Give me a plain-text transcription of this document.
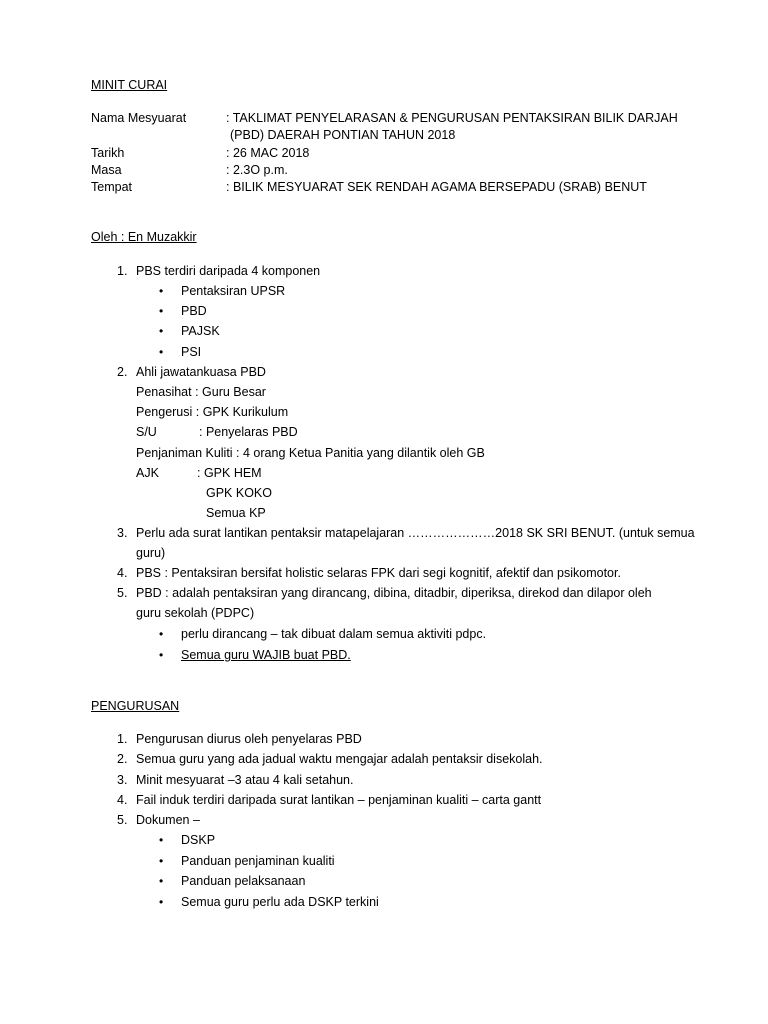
MINIT CURAI
Nama Mesyuarat	: TAKLIMAT PENYELARASAN & PENGURUSAN PENTAKSIRAN BILIK DARJAH
(PBD) DAERAH PONTIAN TAHUN 2018
Tarikh	: 26 MAC 2018
Masa	: 2.3O p.m.
Tempat	: BILIK MESYUARAT SEK RENDAH AGAMA BERSEPADU (SRAB) BENUT
Oleh : En Muzakkir
1. PBS terdiri daripada 4 komponen
• Pentaksiran UPSR
• PBD
• PAJSK
• PSI
2. Ahli jawatankuasa PBD
Penasihat : Guru Besar
Pengerusi : GPK Kurikulum
S/U	: Penyelaras PBD
Penjaniman Kuliti : 4 orang Ketua Panitia yang dilantik oleh GB
AJK	: GPK HEM
GPK KOKO
Semua KP
3. Perlu ada surat lantikan pentaksir matapelajaran …………………2018 SK SRI BENUT. (untuk semua
guru)
4. PBS : Pentaksiran bersifat holistic selaras FPK dari segi kognitif, afektif dan psikomotor.
5. PBD : adalah pentaksiran yang dirancang, dibina, ditadbir, diperiksa, direkod dan dilapor oleh
guru sekolah (PDPC)
• perlu dirancang – tak dibuat dalam semua aktiviti pdpc.
• Semua guru WAJIB buat PBD.
PENGURUSAN
1. Pengurusan diurus oleh penyelaras PBD
2. Semua guru yang ada jadual waktu mengajar adalah pentaksir disekolah.
3. Minit mesyuarat –3 atau 4 kali setahun.
4. Fail induk terdiri daripada surat lantikan – penjaminan kualiti – carta gantt
5. Dokumen –
• DSKP
• Panduan penjaminan kualiti
• Panduan pelaksanaan
• Semua guru perlu ada DSKP terkini
